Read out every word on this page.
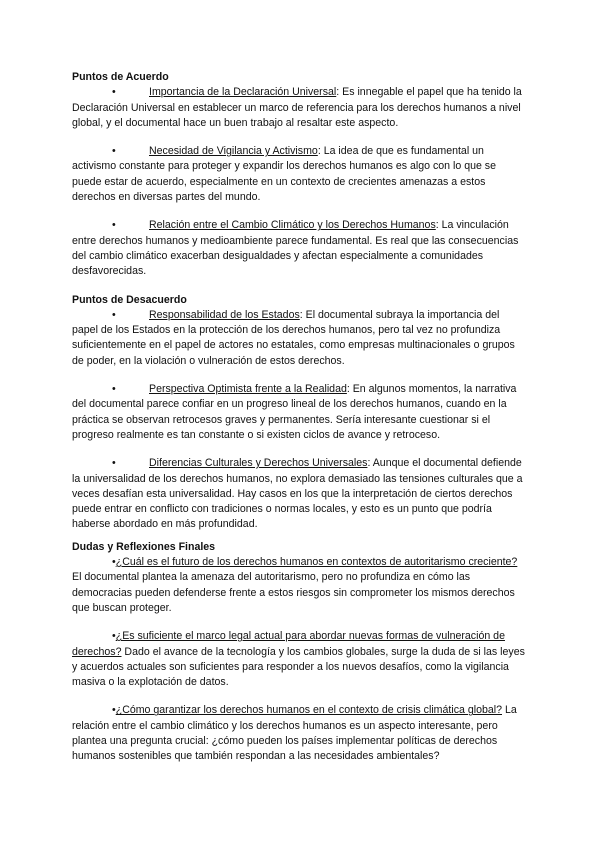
Puntos de Acuerdo

•	Importancia de la Declaración Universal: Es innegable el papel que ha tenido la Declaración Universal en establecer un marco de referencia para los derechos humanos a nivel global, y el documental hace un buen trabajo al resaltar este aspecto.

•	Necesidad de Vigilancia y Activismo: La idea de que es fundamental un activismo constante para proteger y expandir los derechos humanos es algo con lo que se puede estar de acuerdo, especialmente en un contexto de crecientes amenazas a estos derechos en diversas partes del mundo.

•	Relación entre el Cambio Climático y los Derechos Humanos: La vinculación entre derechos humanos y medioambiente parece fundamental. Es real que las consecuencias del cambio climático exacerban desigualdades y afectan especialmente a comunidades desfavorecidas.

Puntos de Desacuerdo

•	Responsabilidad de los Estados: El documental subraya la importancia del papel de los Estados en la protección de los derechos humanos, pero tal vez no profundiza suficientemente en el papel de actores no estatales, como empresas multinacionales o grupos de poder, en la violación o vulneración de estos derechos.

•	Perspectiva Optimista frente a la Realidad: En algunos momentos, la narrativa del documental parece confiar en un progreso lineal de los derechos humanos, cuando en la práctica se observan retrocesos graves y permanentes. Sería interesante cuestionar si el progreso realmente es tan constante o si existen ciclos de avance y retroceso.

•	Diferencias Culturales y Derechos Universales: Aunque el documental defiende la universalidad de los derechos humanos, no explora demasiado las tensiones culturales que a veces desafían esta universalidad. Hay casos en los que la interpretación de ciertos derechos puede entrar en conflicto con tradiciones o normas locales, y esto es un punto que podría haberse abordado en más profundidad.

Dudas y Reflexiones Finales

•¿Cuál es el futuro de los derechos humanos en contextos de autoritarismo creciente? El documental plantea la amenaza del autoritarismo, pero no profundiza en cómo las democracias pueden defenderse frente a estos riesgos sin comprometer los mismos derechos que buscan proteger.

•¿Es suficiente el marco legal actual para abordar nuevas formas de vulneración de derechos? Dado el avance de la tecnología y los cambios globales, surge la duda de si las leyes y acuerdos actuales son suficientes para responder a los nuevos desafíos, como la vigilancia masiva o la explotación de datos.

•¿Cómo garantizar los derechos humanos en el contexto de crisis climática global? La relación entre el cambio climático y los derechos humanos es un aspecto interesante, pero plantea una pregunta crucial: ¿cómo pueden los países implementar políticas de derechos humanos sostenibles que también respondan a las necesidades ambientales?
